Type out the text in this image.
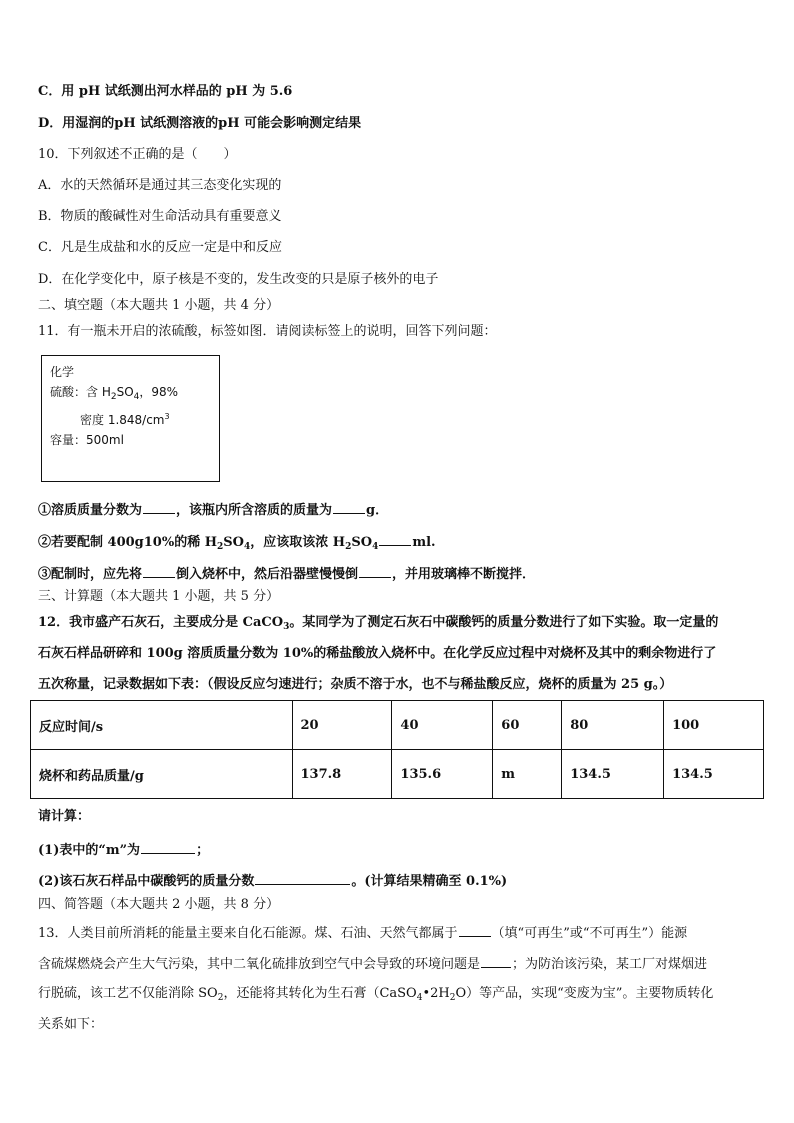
C．用 pH 试纸测出河水样品的 pH 为 5.6
D．用湿润的pH 试纸测溶液的pH 可能会影响测定结果
10．下列叙述不正确的是（　　）
A．水的天然循环是通过其三态变化实现的
B．物质的酸碱性对生命活动具有重要意义
C．凡是生成盐和水的反应一定是中和反应
D．在化学变化中，原子核是不变的，发生改变的只是原子核外的电子
二、填空题（本大题共 1 小题，共 4 分）
11．有一瓶未开启的浓硫酸，标签如图．请阅读标签上的说明，回答下列问题：
化学
硫酸：含 $H_2SO_4$，98%
密度 $1.848/cm^3$
容量：500ml
①溶质质量分数为	，该瓶内所含溶质的质量为	g．
②若要配制 400g10%的稀 $H_2SO_4$，应该取该浓 $H_2SO_4$	ml.
③配制时，应先将	倒入烧杯中，然后沿器壁慢慢倒	，并用玻璃棒不断搅拌．
三、计算题（本大题共 1 小题，共 5 分）
12．我市盛产石灰石，主要成分是 CaCO$_3$。某同学为了测定石灰石中碳酸钙的质量分数进行了如下实验。取一定量的
石灰石样品研碎和 100g 溶质质量分数为 10%的稀盐酸放入烧杯中。在化学反应过程中对烧杯及其中的剩余物进行了
五次称量，记录数据如下表：（假设反应匀速进行；杂质不溶于水，也不与稀盐酸反应，烧杯的质量为 25 g。）
反应时间/s	20	40	60	80	100
烧杯和药品质量/g	137.8	135.6	m	134.5	134.5
请计算：
(1)表中的“m”为	；
(2)该石灰石样品中碳酸钙的质量分数	。(计算结果精确至 0.1%)
四、简答题（本大题共 2 小题，共 8 分）
13．人类目前所消耗的能量主要来自化石能源。煤、石油、天然气都属于	（填“可再生”或“不可再生”）能源
含硫煤燃烧会产生大气污染，其中二氧化硫排放到空气中会导致的环境问题是 ；为防治该污染，某工厂对煤烟进
行脱硫，该工艺不仅能消除 $SO_2$，还能将其转化为生石膏$(CaSO_4•2H_2O)$等产品，实现“变废为宝”。主要物质转化
关系如下：
